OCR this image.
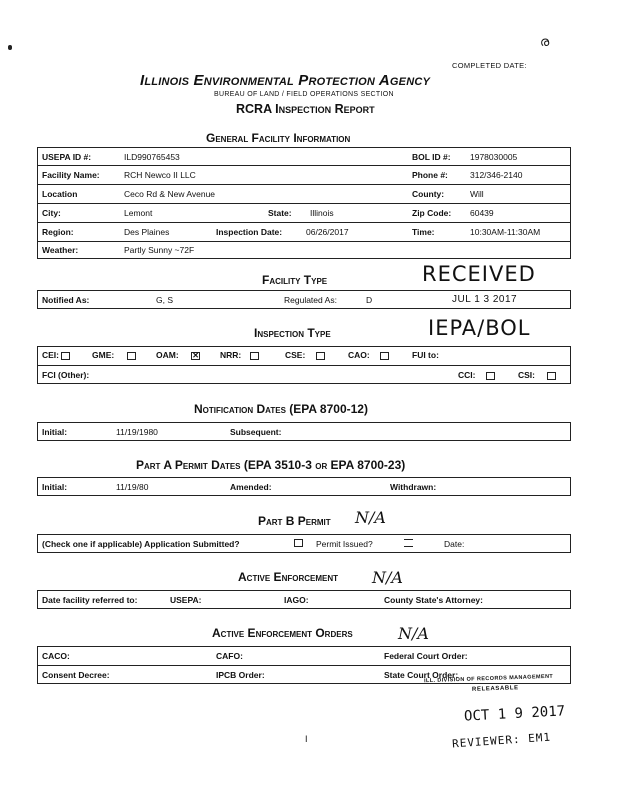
ര
COMPLETED DATE:
Illinois Environmental Protection Agency
BUREAU OF LAND / FIELD OPERATIONS SECTION
RCRA Inspection Report
General Facility Information
USEPA ID #:	ILD990765453	BOL ID #: 1978030005
Facility Name:	RCH Newco II LLC	Phone #:	312/346-2140
Location	Ceco Rd & New Avenue	County:	Will
City:	Lemont	State: Illinois	Zip Code: 60439
Region:	Des Plaines	Inspection Date:	06/26/2017	Time:	10:30AM-11:30AM
Weather:	Partly Sunny ~72F
Facility Type	RECEIVED
Notified As:	G, S	Regulated As:	D	JUL 1 3 2017
Inspection Type	IEPA/BOL
CEI:	GME:	OAM: ✕ NRR:	CSE:	CAO:	FUI to:
FCI (Other):	CCI:	CSI:
Notification Dates (EPA 8700-12)
Initial:	11/19/1980	Subsequent:
Part A Permit Dates (EPA 3510-3 or EPA 8700-23)
Initial:	11/19/80	Amended:	Withdrawn:
Part B Permit N/A
(Check one if applicable) Application Submitted?	Permit Issued?	Date:
Active Enforcement N/A
Date facility referred to:	USEPA:	IAGO:	County State's Attorney:
Active Enforcement Orders	N/A
CACO:	CAFO:	Federal Court Order:
Consent Decree:	IPCB Order:	State Court Order:
ILL. DIVISION OF RECORDS MANAGEMENT
RELEASABLE
OCT 1 9 2017
I	REVIEWER: EM1
